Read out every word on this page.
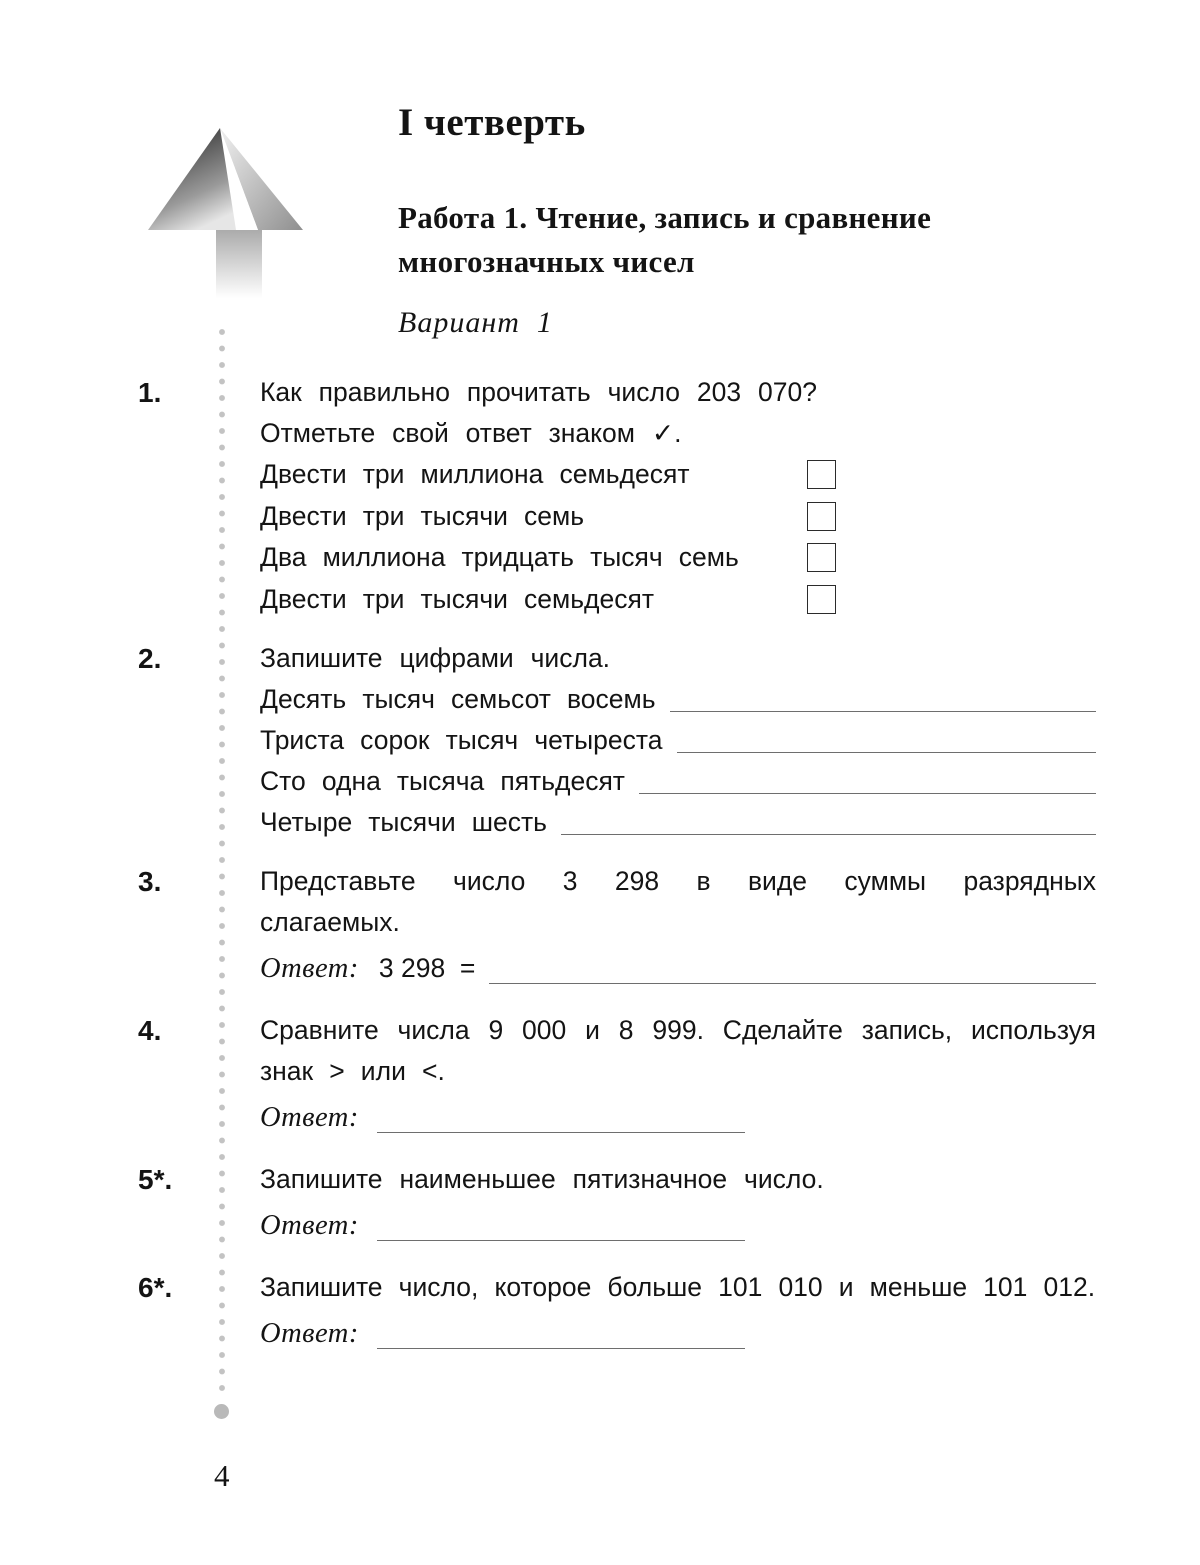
I четверть
Работа 1. Чтение, запись и сравнение многозначных чисел
Вариант  1
1.	Как правильно прочитать число 203 070?
Отметьте свой ответ знаком ✓.
Двести три миллиона семьдесят
Двести три тысячи семь
Два миллиона тридцать тысяч семь
Двести три тысячи семьдесят
2.	Запишите цифрами числа.
Десять тысяч семьсот восемь
Триста сорок тысяч четыреста
Сто одна тысяча пятьдесят
Четыре тысячи шесть
3.	Представьте число 3 298 в виде суммы разрядных слагаемых.
Ответ: 3 298  =
4.	Сравните числа 9 000 и 8 999. Сделайте запись, используя знак > или <.
Ответ:
5*.	Запишите наименьшее пятизначное число.
Ответ:
6*.	Запишите число, которое больше 101 010 и меньше 101 012.
Ответ:
4
